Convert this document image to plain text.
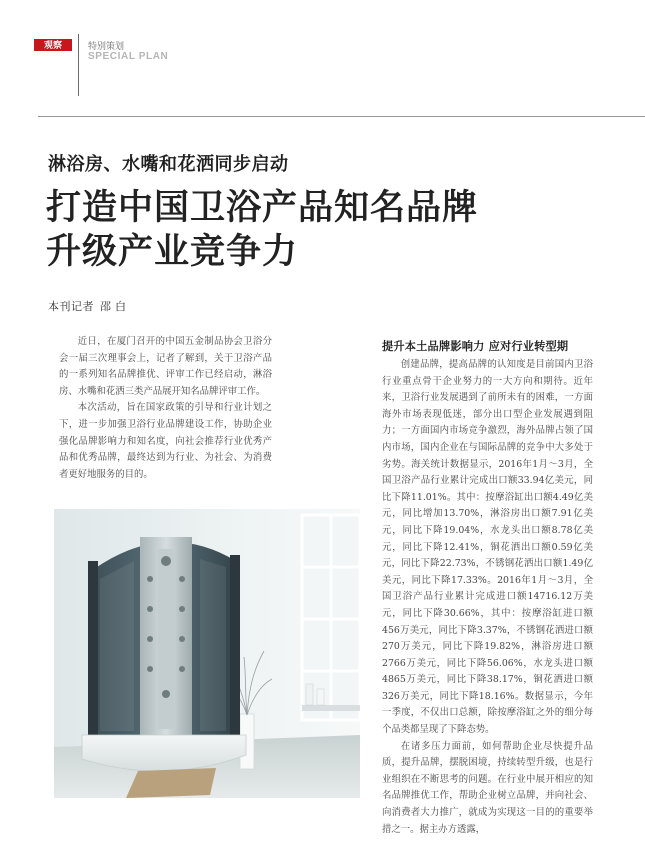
观察	特别策划
SPECIAL PLAN
淋浴房、水嘴和花洒同步启动
打造中国卫浴产品知名品牌
升级产业竞争力
本刊记者 邵白

近日，在厦门召开的中国五金制品协会卫浴分会一届三次理事会上，记者了解到，关于卫浴产品的一系列知名品牌推优、评审工作已经启动，淋浴房、水嘴和花洒三类产品展开知名品牌评审工作。

本次活动，旨在国家政策的引导和行业计划之下，进一步加强卫浴行业品牌建设工作，协助企业强化品牌影响力和知名度，向社会推荐行业优秀产品和优秀品牌，最终达到为行业、为社会、为消费者更好地服务的目的。

提升本土品牌影响力 应对行业转型期

创建品牌，提高品牌的认知度是目前国内卫浴行业重点骨干企业努力的一大方向和期待。近年来，卫浴行业发展遇到了前所未有的困难，一方面海外市场表现低迷，部分出口型企业发展遇到阻力；一方面国内市场竞争激烈，海外品牌占领了国内市场，国内企业在与国际品牌的竞争中大多处于劣势。海关统计数据显示，2016年1月～3月，全国卫浴产品行业累计完成出口额33.94亿美元，同比下降11.01%。其中：按摩浴缸出口额4.49亿美元，同比增加13.70%，淋浴房出口额7.91亿美元，同比下降19.04%，水龙头出口额8.78亿美元，同比下降12.41%，铜花洒出口额0.59亿美元，同比下降22.73%，不锈钢花洒出口额1.49亿美元，同比下降17.33%。2016年1月～3月，全国卫浴产品行业累计完成进口额14716.12万美元，同比下降30.66%，其中：按摩浴缸进口额456万美元，同比下降3.37%，不锈钢花洒进口额270万美元，同比下降19.82%，淋浴房进口额2766万美元，同比下降56.06%，水龙头进口额4865万美元，同比下降38.17%，铜花洒进口额326万美元，同比下降18.16%。数据显示，今年一季度，不仅出口总额，除按摩浴缸之外的细分每个品类都呈现了下降态势。

在诸多压力面前，如何帮助企业尽快提升品质，提升品牌，摆脱困境，持续转型升级，也是行业组织在不断思考的问题。在行业中展开相应的知名品牌推优工作，帮助企业树立品牌，并向社会、向消费者大力推广，就成为实现这一目的的重要举措之一。据主办方透露，
